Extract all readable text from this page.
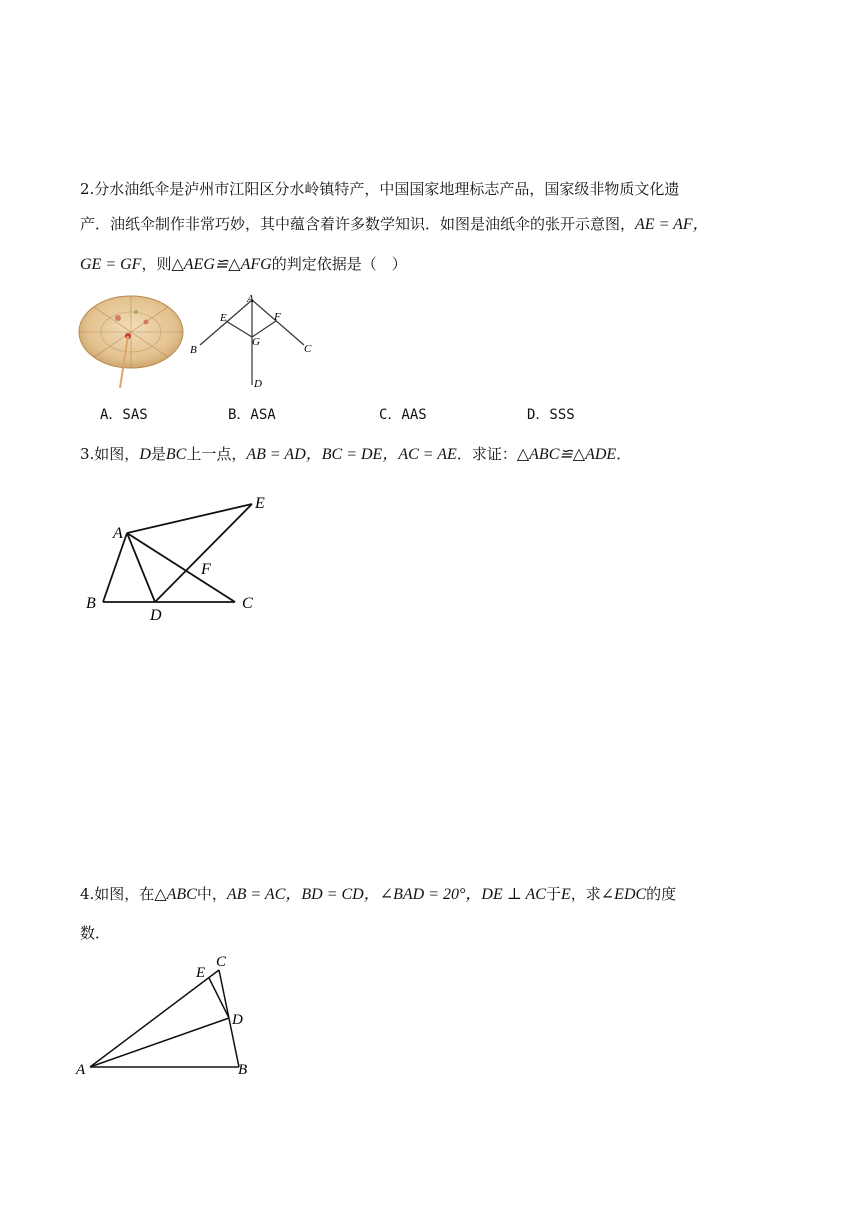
2.分水油纸伞是泸州市江阳区分水岭镇特产，中国国家地理标志产品，国家级非物质文化遗
产．油纸伞制作非常巧妙，其中蕴含着许多数学知识．如图是油纸伞的张开示意图，AE = AF，
GE = GF，则△AEG≌△AFG的判定依据是（　）
A
E	F
G
B	C
D
A．SAS	B．ASA	C．AAS	D．SSS
3.如图，D是BC上一点，AB = AD，BC = DE，AC = AE．求证：△ABC≌△ADE．
A
E
F
B
D
C
4.如图，在△ABC中，AB = AC，BD = CD，∠BAD = 20°，DE ⊥ AC于E，求∠EDC的度
数．
E
C
D
A	B
